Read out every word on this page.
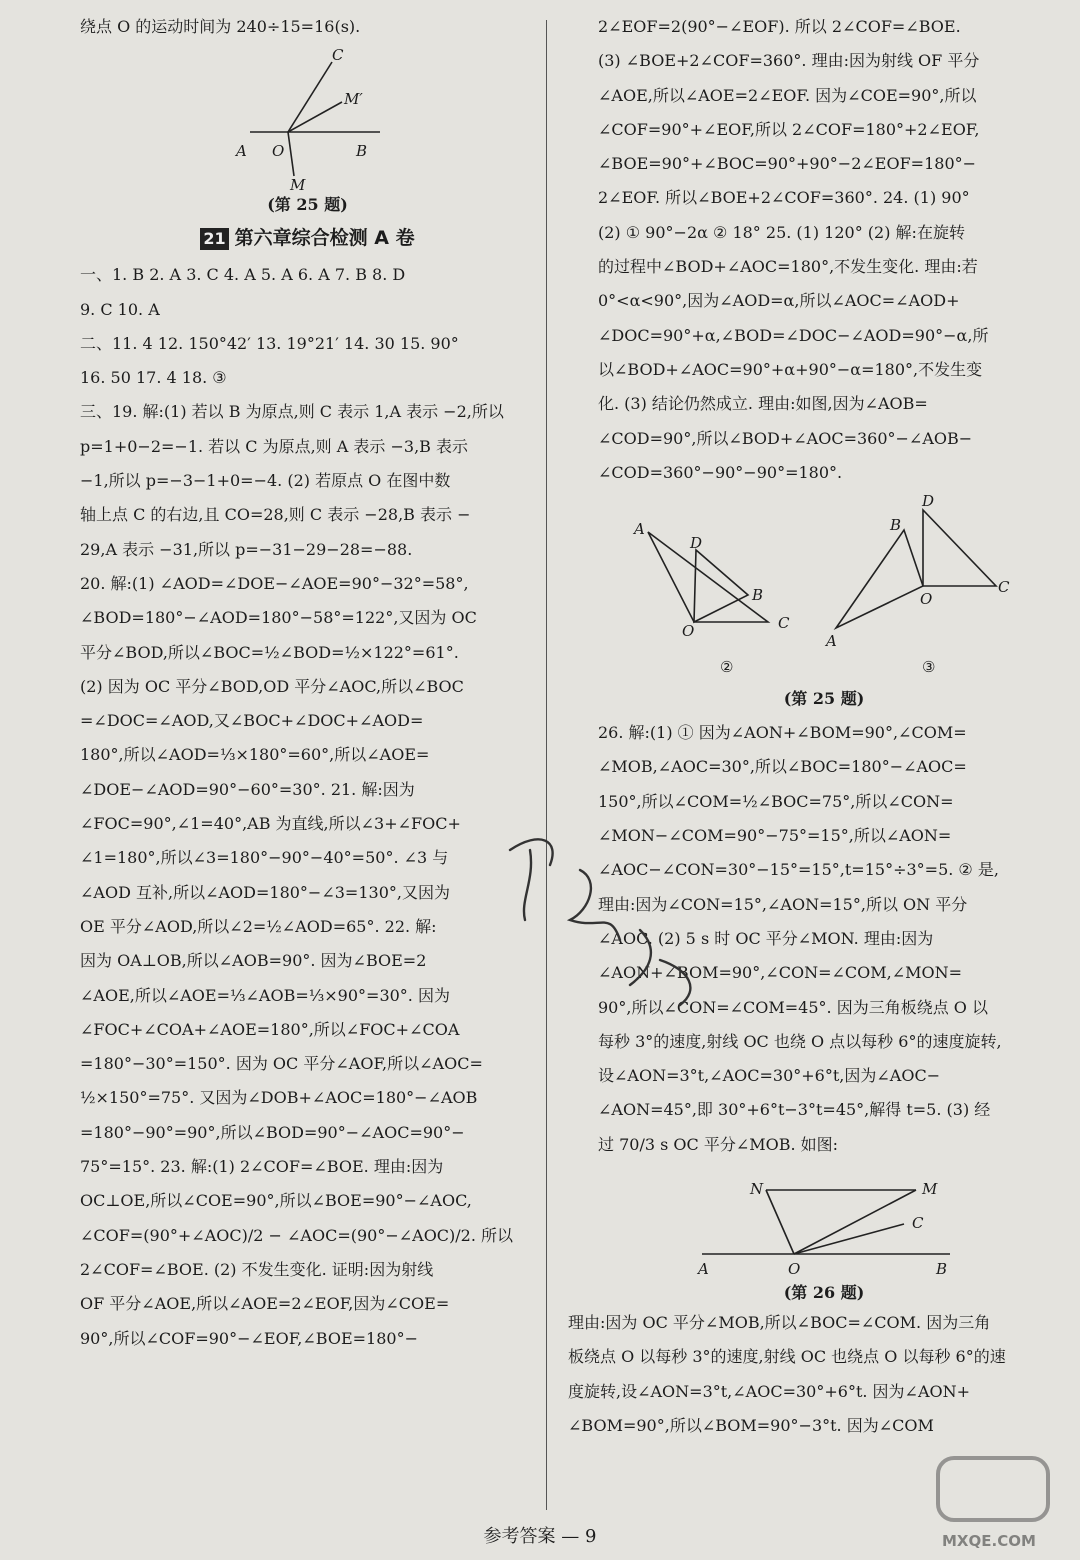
绕点 O 的运动时间为 240÷15=16(s).
C
M′
A O	B
M
(第 25 题)
21 第六章综合检测 A 卷
一、1. B 2. A 3. C 4. A 5. A 6. A 7. B 8. D
9. C 10. A
二、11. 4 12. 150°42′ 13. 19°21′ 14. 30 15. 90°
16. 50 17. 4 18. ③
三、19. 解:(1) 若以 B 为原点,则 C 表示 1,A 表示 −2,所以
p=1+0−2=−1. 若以 C 为原点,则 A 表示 −3,B 表示
−1,所以 p=−3−1+0=−4. (2) 若原点 O 在图中数
轴上点 C 的右边,且 CO=28,则 C 表示 −28,B 表示 −
29,A 表示 −31,所以 p=−31−29−28=−88.
20. 解:(1) ∠AOD=∠DOE−∠AOE=90°−32°=58°,
∠BOD=180°−∠AOD=180°−58°=122°,又因为 OC
平分∠BOD,所以∠BOC=½∠BOD=½×122°=61°.
(2) 因为 OC 平分∠BOD,OD 平分∠AOC,所以∠BOC
=∠DOC=∠AOD,又∠BOC+∠DOC+∠AOD=
180°,所以∠AOD=⅓×180°=60°,所以∠AOE=
∠DOE−∠AOD=90°−60°=30°. 21. 解:因为
∠FOC=90°,∠1=40°,AB 为直线,所以∠3+∠FOC+
∠1=180°,所以∠3=180°−90°−40°=50°. ∠3 与
∠AOD 互补,所以∠AOD=180°−∠3=130°,又因为
OE 平分∠AOD,所以∠2=½∠AOD=65°. 22. 解:
因为 OA⊥OB,所以∠AOB=90°. 因为∠BOE=2
∠AOE,所以∠AOE=⅓∠AOB=⅓×90°=30°. 因为
∠FOC+∠COA+∠AOE=180°,所以∠FOC+∠COA
=180°−30°=150°. 因为 OC 平分∠AOF,所以∠AOC=
½×150°=75°. 又因为∠DOB+∠AOC=180°−∠AOB
=180°−90°=90°,所以∠BOD=90°−∠AOC=90°−
75°=15°. 23. 解:(1) 2∠COF=∠BOE. 理由:因为
OC⊥OE,所以∠COE=90°,所以∠BOE=90°−∠AOC,
∠COF=(90°+∠AOC)/2 − ∠AOC=(90°−∠AOC)/2. 所以
2∠COF=∠BOE. (2) 不发生变化. 证明:因为射线
OF 平分∠AOE,所以∠AOE=2∠EOF,因为∠COE=
90°,所以∠COF=90°−∠EOF,∠BOE=180°−
2∠EOF=2(90°−∠EOF). 所以 2∠COF=∠BOE.
(3) ∠BOE+2∠COF=360°. 理由:因为射线 OF 平分
∠AOE,所以∠AOE=2∠EOF. 因为∠COE=90°,所以
∠COF=90°+∠EOF,所以 2∠COF=180°+2∠EOF,
∠BOE=90°+∠BOC=90°+90°−2∠EOF=180°−
2∠EOF. 所以∠BOE+2∠COF=360°. 24. (1) 90°
(2) ① 90°−2α ② 18° 25. (1) 120° (2) 解:在旋转
的过程中∠BOD+∠AOC=180°,不发生变化. 理由:若
0°<α<90°,因为∠AOD=α,所以∠AOC=∠AOD+
∠DOC=90°+α,∠BOD=∠DOC−∠AOD=90°−α,所
以∠BOD+∠AOC=90°+α+90°−α=180°,不发生变
化. (3) 结论仍然成立. 理由:如图,因为∠AOB=
∠COD=90°,所以∠BOD+∠AOC=360°−∠AOB−
∠COD=360°−90°−90°=180°.
A
D
B
O	C
②
D
B
O
C
A
③
(第 25 题)
26. 解:(1) ① 因为∠AON+∠BOM=90°,∠COM=
∠MOB,∠AOC=30°,所以∠BOC=180°−∠AOC=
150°,所以∠COM=½∠BOC=75°,所以∠CON=
∠MON−∠COM=90°−75°=15°,所以∠AON=
∠AOC−∠CON=30°−15°=15°,t=15°÷3°=5. ② 是,
理由:因为∠CON=15°,∠AON=15°,所以 ON 平分
∠AOC. (2) 5 s 时 OC 平分∠MON. 理由:因为
∠AON+∠BOM=90°,∠CON=∠COM,∠MON=
90°,所以∠CON=∠COM=45°. 因为三角板绕点 O 以
每秒 3°的速度,射线 OC 也绕 O 点以每秒 6°的速度旋转,
设∠AON=3°t,∠AOC=30°+6°t,因为∠AOC−
∠AON=45°,即 30°+6°t−3°t=45°,解得 t=5. (3) 经
过 70/3 s OC 平分∠MOB. 如图:
N	M
C
A	O	B
(第 26 题)
理由:因为 OC 平分∠MOB,所以∠BOC=∠COM. 因为三角
板绕点 O 以每秒 3°的速度,射线 OC 也绕点 O 以每秒 6°的速
度旋转,设∠AON=3°t,∠AOC=30°+6°t. 因为∠AON+
∠BOM=90°,所以∠BOM=90°−3°t. 因为∠COM
参考答案 — 9	MXQE.COM
